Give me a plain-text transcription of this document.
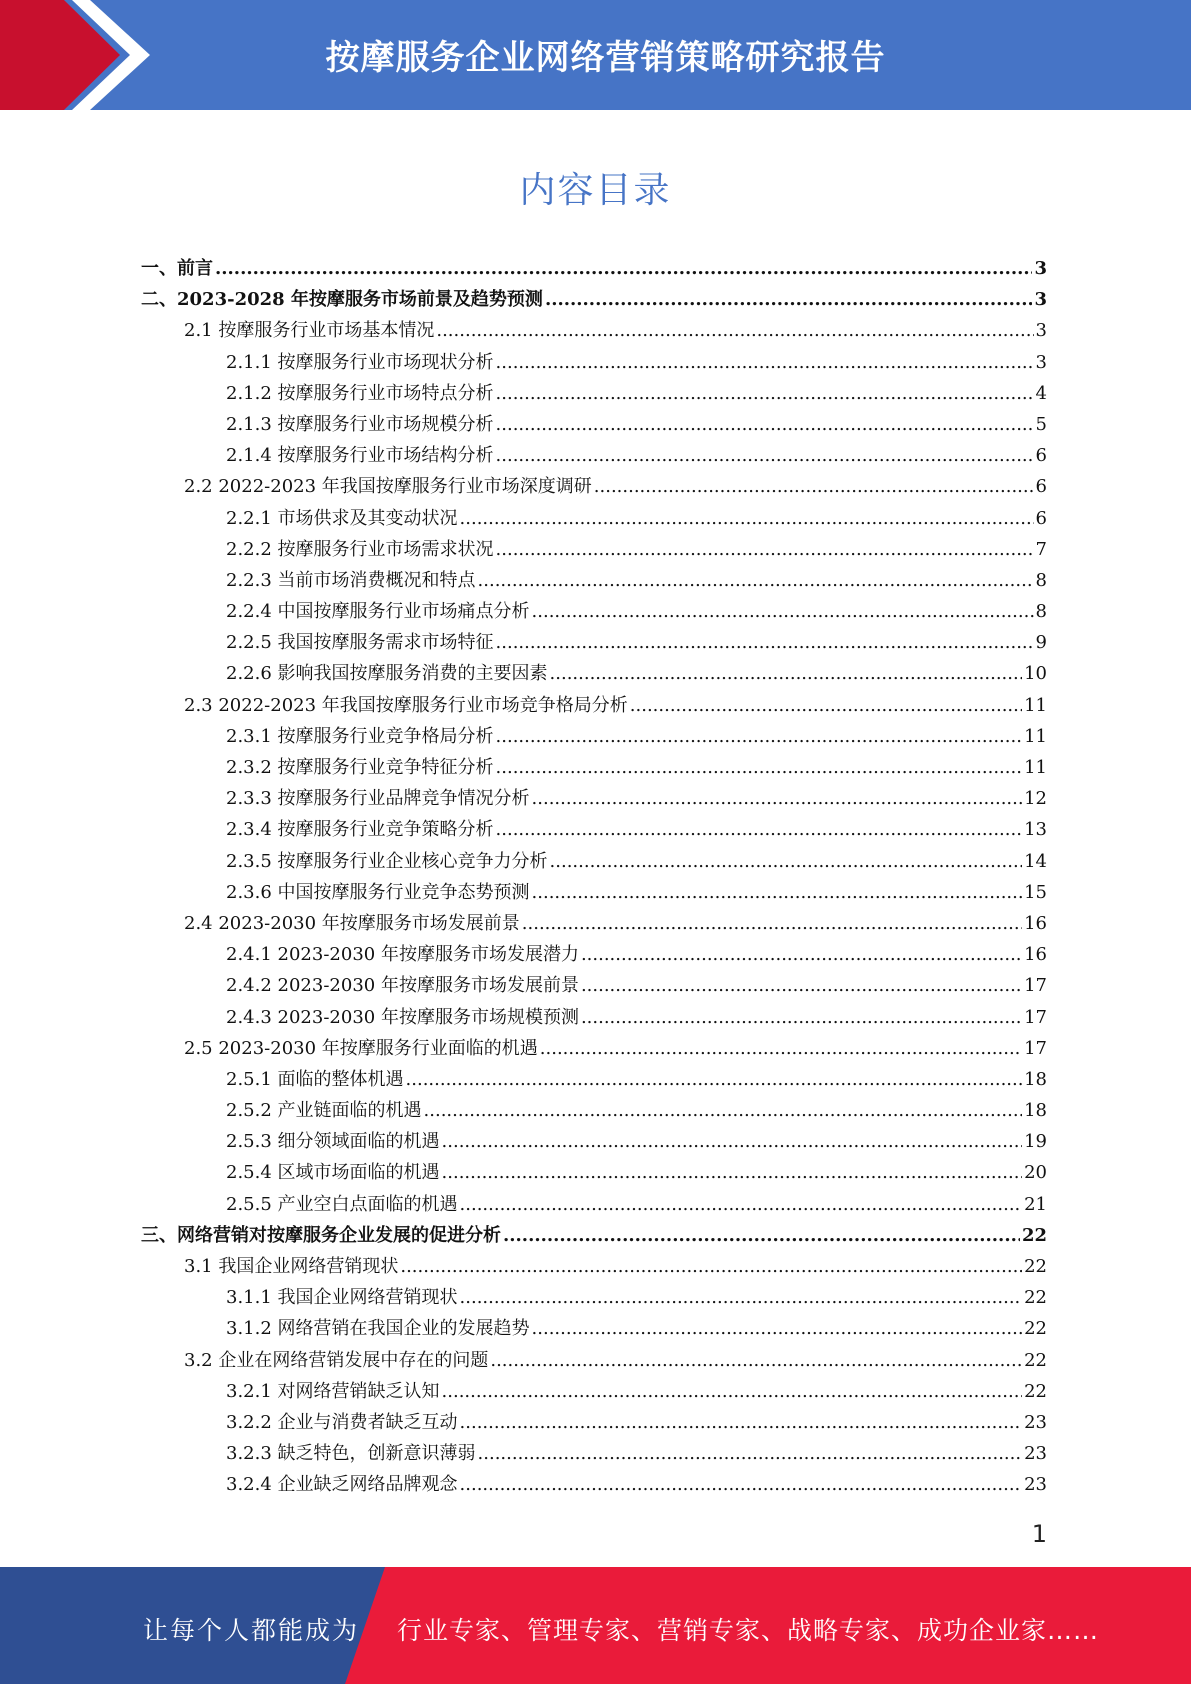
按摩服务企业网络营销策略研究报告
内容目录
一、前言 .....	3
二、2023-2028 年按摩服务市场前景及趋势预测 .....	3
2.1 按摩服务行业市场基本情况 .....	3
2.1.1 按摩服务行业市场现状分析 .....	3
2.1.2 按摩服务行业市场特点分析 .....	4
2.1.3 按摩服务行业市场规模分析 .....	5
2.1.4 按摩服务行业市场结构分析 .....	6
2.2 2022-2023 年我国按摩服务行业市场深度调研 .....	6
2.2.1 市场供求及其变动状况 .....	6
2.2.2 按摩服务行业市场需求状况 .....	7
2.2.3 当前市场消费概况和特点 .....	8
2.2.4 中国按摩服务行业市场痛点分析 .....	8
2.2.5 我国按摩服务需求市场特征 .....	9
2.2.6 影响我国按摩服务消费的主要因素 .....	10
2.3 2022-2023 年我国按摩服务行业市场竞争格局分析 .....	11
2.3.1 按摩服务行业竞争格局分析 .....	11
2.3.2 按摩服务行业竞争特征分析 .....	11
2.3.3 按摩服务行业品牌竞争情况分析 .....	12
2.3.4 按摩服务行业竞争策略分析 .....	13
2.3.5 按摩服务行业企业核心竞争力分析 .....	14
2.3.6 中国按摩服务行业竞争态势预测 .....	15
2.4 2023-2030 年按摩服务市场发展前景 .....	16
2.4.1 2023-2030 年按摩服务市场发展潜力 .....	16
2.4.2 2023-2030 年按摩服务市场发展前景 .....	17
2.4.3 2023-2030 年按摩服务市场规模预测 .....	17
2.5 2023-2030 年按摩服务行业面临的机遇 .....	17
2.5.1 面临的整体机遇 .....	18
2.5.2 产业链面临的机遇 .....	18
2.5.3 细分领域面临的机遇 .....	19
2.5.4 区域市场面临的机遇 .....	20
2.5.5 产业空白点面临的机遇 .....	21
三、网络营销对按摩服务企业发展的促进分析 .....	22
3.1 我国企业网络营销现状 .....	22
3.1.1 我国企业网络营销现状 .....	22
3.1.2 网络营销在我国企业的发展趋势 .....	22
3.2 企业在网络营销发展中存在的问题 .....	22
3.2.1 对网络营销缺乏认知 .....	22
3.2.2 企业与消费者缺乏互动 .....	23
3.2.3 缺乏特色，创新意识薄弱 .....	23
3.2.4 企业缺乏网络品牌观念 .....	23
1
让每个人都能成为 行业专家、管理专家、营销专家、战略专家、成功企业家……
